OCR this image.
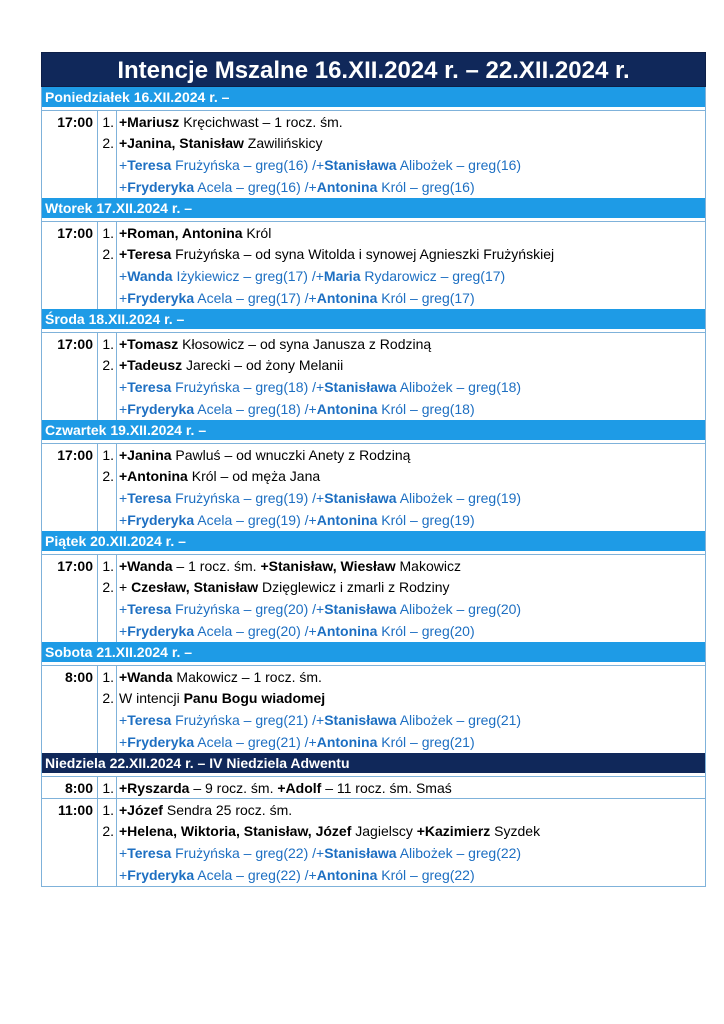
Intencje Mszalne 16.XII.2024 r. – 22.XII.2024 r.
Poniedziałek 16.XII.2024 r. –
17:00 1. +Mariusz Kręcichwast – 1 rocz. śm.
2. +Janina, Stanisław Zawilińskicy
+Teresa Frużyńska – greg(16) /+Stanisława Alibożek – greg(16)
+Fryderyka Acela – greg(16) /+Antonina Król – greg(16)
Wtorek 17.XII.2024 r. –
17:00 1. +Roman, Antonina Król
2. +Teresa Frużyńska – od syna Witolda i synowej Agnieszki Frużyńskiej
+Wanda Iżykiewicz – greg(17) /+Maria Rydarowicz – greg(17)
+Fryderyka Acela – greg(17) /+Antonina Król – greg(17)
Środa 18.XII.2024 r. –
17:00 1. +Tomasz Kłosowicz – od syna Janusza z Rodziną
2. +Tadeusz Jarecki – od żony Melanii
+Teresa Frużyńska – greg(18) /+Stanisława Alibożek – greg(18)
+Fryderyka Acela – greg(18) /+Antonina Król – greg(18)
Czwartek 19.XII.2024 r. –
17:00 1. +Janina Pawluś – od wnuczki Anety z Rodziną
2. +Antonina Król – od męża Jana
+Teresa Frużyńska – greg(19) /+Stanisława Alibożek – greg(19)
+Fryderyka Acela – greg(19) /+Antonina Król – greg(19)
Piątek 20.XII.2024 r. –
17:00 1. +Wanda – 1 rocz. śm. +Stanisław, Wiesław Makowicz
2. + Czesław, Stanisław Dzięglewicz i zmarli z Rodziny
+Teresa Frużyńska – greg(20) /+Stanisława Alibożek – greg(20)
+Fryderyka Acela – greg(20) /+Antonina Król – greg(20)
Sobota 21.XII.2024 r. –
8:00 1. +Wanda Makowicz – 1 rocz. śm.
2. W intencji Panu Bogu wiadomej
+Teresa Frużyńska – greg(21) /+Stanisława Alibożek – greg(21)
+Fryderyka Acela – greg(21) /+Antonina Król – greg(21)
Niedziela 22.XII.2024 r. – IV Niedziela Adwentu
8:00 1. +Ryszarda – 9 rocz. śm. +Adolf – 11 rocz. śm. Smaś
11:00 1. +Józef Sendra 25 rocz. śm.
2. +Helena, Wiktoria, Stanisław, Józef Jagielscy +Kazimierz Syzdek
+Teresa Frużyńska – greg(22) /+Stanisława Alibożek – greg(22)
+Fryderyka Acela – greg(22) /+Antonina Król – greg(22)
